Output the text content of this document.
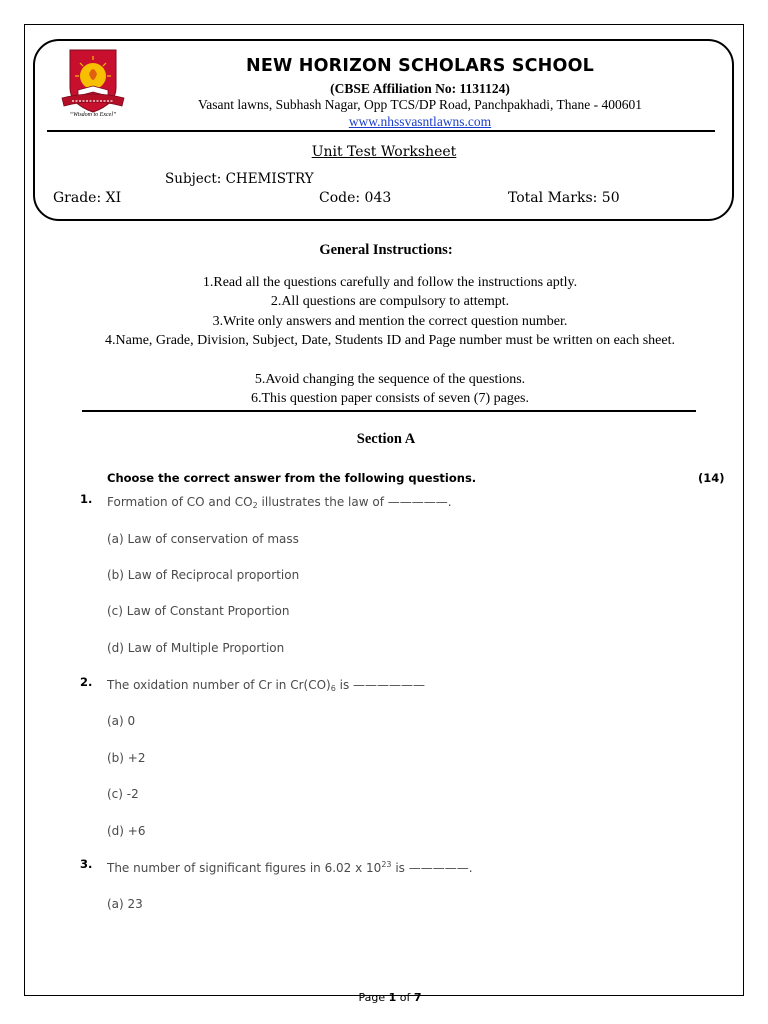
“Wisdom to Excel”
NEW HORIZON SCHOLARS SCHOOL
(CBSE Affiliation No: 1131124)
Vasant lawns, Subhash Nagar, Opp TCS/DP Road, Panchpakhadi, Thane - 400601
www.nhssvasntlawns.com
Unit Test Worksheet
Subject: CHEMISTRY
Grade: XI	Code: 043	Total Marks: 50
General Instructions:
1.Read all the questions carefully and follow the instructions aptly.
2.All questions are compulsory to attempt.
3.Write only answers and mention the correct question number.
4.Name, Grade, Division, Subject, Date, Students ID and Page number must be written on each sheet.
5.Avoid changing the sequence of the questions.
6.This question paper consists of seven (7) pages.
Section A
Choose the correct answer from the following questions.	(14)
1. Formation of CO and $CO_2$ illustrates the law of —————.
(a) Law of conservation of mass
(b) Law of Reciprocal proportion
(c) Law of Constant Proportion
(d) Law of Multiple Proportion
2. The oxidation number of Cr in $Cr(CO)_6$ is ——————
(a) 0
(b) +2
(c) -2
(d) +6
3. The number of significant figures in 6.02 x $10^{23}$ is —————.
(a) 23
Page 1 of 7
